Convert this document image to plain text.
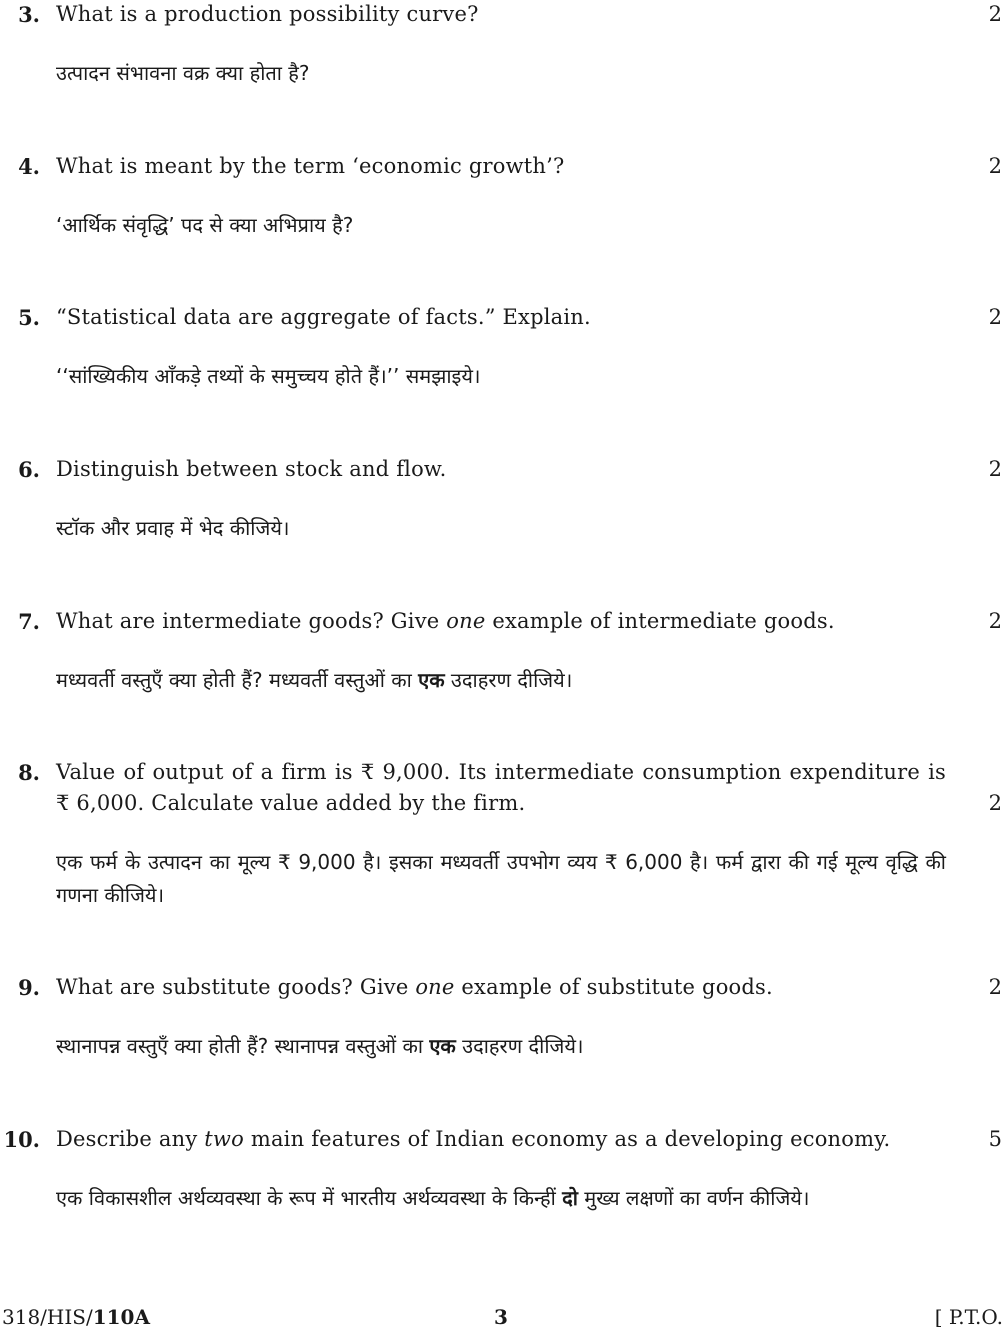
3. What is a production possibility curve?	2
उत्पादन संभावना वक्र क्या होता है?
4. What is meant by the term ‘economic growth’?	2
‘आर्थिक संवृद्धि’ पद से क्या अभिप्राय है?
5. “Statistical data are aggregate of facts.” Explain.	2
‘‘सांख्यिकीय आँकड़े तथ्यों के समुच्चय होते हैं।’’ समझाइये।
6. Distinguish between stock and flow.	2
स्टॉक और प्रवाह में भेद कीजिये।
7. What are intermediate goods? Give one example of intermediate goods.	2
मध्यवर्ती वस्तुएँ क्या होती हैं? मध्यवर्ती वस्तुओं का एक उदाहरण दीजिये।
8. Value of output of a firm is ₹ 9,000. Its intermediate consumption expenditure is ₹ 6,000. Calculate value added by the firm.	2
एक फर्म के उत्पादन का मूल्य ₹ 9,000 है। इसका मध्यवर्ती उपभोग व्यय ₹ 6,000 है। फर्म द्वारा की गई मूल्य वृद्धि की गणना कीजिये।
9. What are substitute goods? Give one example of substitute goods.	2
स्थानापन्न वस्तुएँ क्या होती हैं? स्थानापन्न वस्तुओं का एक उदाहरण दीजिये।
10. Describe any two main features of Indian economy as a developing economy.	5
एक विकासशील अर्थव्यवस्था के रूप में भारतीय अर्थव्यवस्था के किन्हीं दो मुख्य लक्षणों का वर्णन कीजिये।
318/HIS/110A	3	[ P.T.O.
